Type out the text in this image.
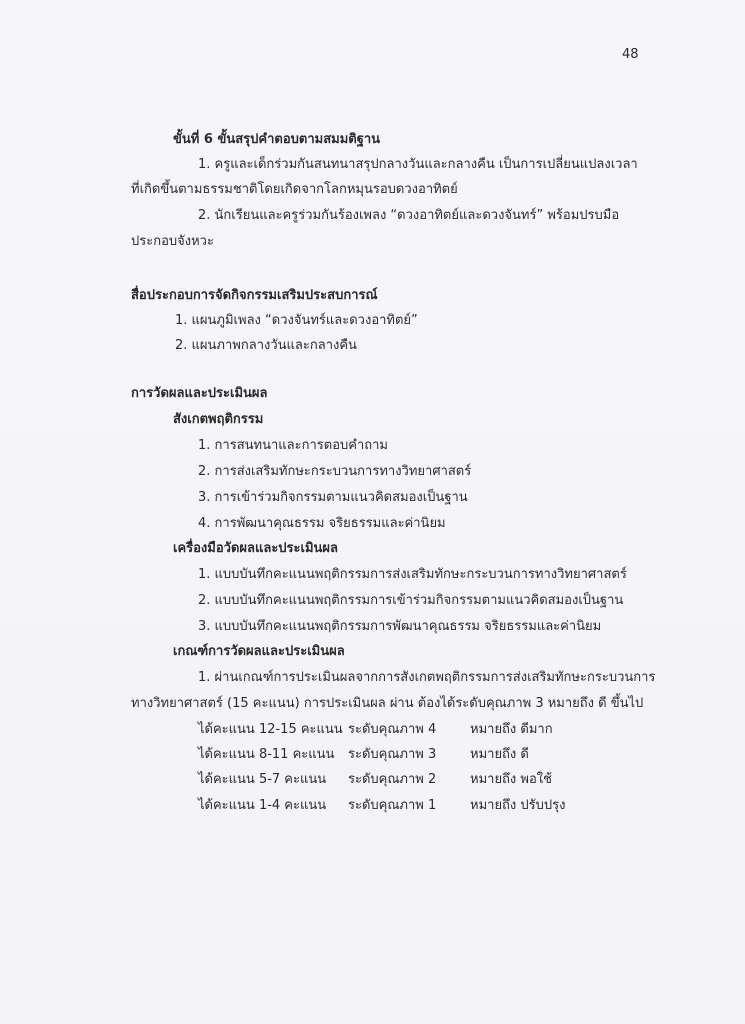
48
ขั้นที่ 6 ขั้นสรุปคำตอบตามสมมติฐาน
1. ครูและเด็กร่วมกันสนทนาสรุปกลางวันและกลางคืน เป็นการเปลี่ยนแปลงเวลา
ที่เกิดขึ้นตามธรรมชาติโดยเกิดจากโลกหมุนรอบดวงอาทิตย์
2. นักเรียนและครูร่วมกันร้องเพลง “ดวงอาทิตย์และดวงจันทร์” พร้อมปรบมือ
ประกอบจังหวะ
สื่อประกอบการจัดกิจกรรมเสริมประสบการณ์
1. แผนภูมิเพลง “ดวงจันทร์และดวงอาทิตย์”
2. แผนภาพกลางวันและกลางคืน
การวัดผลและประเมินผล
สังเกตพฤติกรรม
1. การสนทนาและการตอบคำถาม
2. การส่งเสริมทักษะกระบวนการทางวิทยาศาสตร์
3. การเข้าร่วมกิจกรรมตามแนวคิดสมองเป็นฐาน
4. การพัฒนาคุณธรรม จริยธรรมและค่านิยม
เครื่องมือวัดผลและประเมินผล
1. แบบบันทึกคะแนนพฤติกรรมการส่งเสริมทักษะกระบวนการทางวิทยาศาสตร์
2. แบบบันทึกคะแนนพฤติกรรมการเข้าร่วมกิจกรรมตามแนวคิดสมองเป็นฐาน
3. แบบบันทึกคะแนนพฤติกรรมการพัฒนาคุณธรรม จริยธรรมและค่านิยม
เกณฑ์การวัดผลและประเมินผล
1. ผ่านเกณฑ์การประเมินผลจากการสังเกตพฤติกรรมการส่งเสริมทักษะกระบวนการ
ทางวิทยาศาสตร์ (15 คะแนน) การประเมินผล ผ่าน ต้องได้ระดับคุณภาพ 3 หมายถึง ดี ขึ้นไป
ได้คะแนน 12-15 คะแนน ระดับคุณภาพ 4	หมายถึง ดีมาก
ได้คะแนน 8-11 คะแนน ระดับคุณภาพ 3	หมายถึง ดี
ได้คะแนน 5-7 คะแนน ระดับคุณภาพ 2	หมายถึง พอใช้
ได้คะแนน 1-4 คะแนน ระดับคุณภาพ 1	หมายถึง ปรับปรุง
